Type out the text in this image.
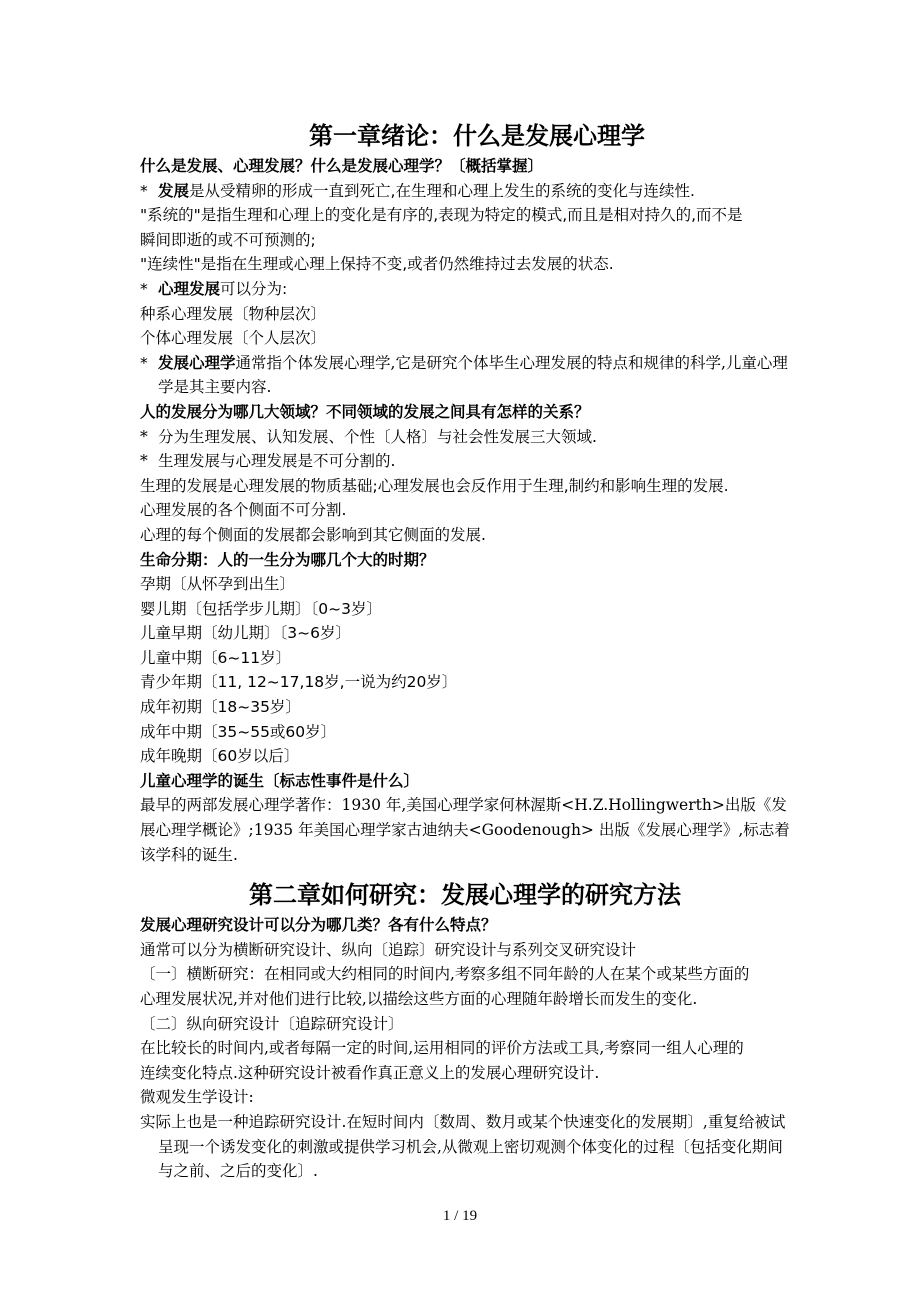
第一章绪论：什么是发展心理学
什么是发展、心理发展？什么是发展心理学？〔概括掌握〕
* 发展是从受精卵的形成一直到死亡,在生理和心理上发生的系统的变化与连续性.
"系统的"是指生理和心理上的变化是有序的,表现为特定的模式,而且是相对持久的,而不是
瞬间即逝的或不可预测的;
"连续性"是指在生理或心理上保持不变,或者仍然维持过去发展的状态.
* 心理发展可以分为:
种系心理发展〔物种层次〕
个体心理发展〔个人层次〕
* 发展心理学通常指个体发展心理学,它是研究个体毕生心理发展的特点和规律的科学,儿童心理学是其主要内容.
人的发展分为哪几大领域？不同领域的发展之间具有怎样的关系？
* 分为生理发展、认知发展、个性〔人格〕与社会性发展三大领域.
* 生理发展与心理发展是不可分割的.
生理的发展是心理发展的物质基础;心理发展也会反作用于生理,制约和影响生理的发展.
心理发展的各个侧面不可分割.
心理的每个侧面的发展都会影响到其它侧面的发展.
生命分期：人的一生分为哪几个大的时期？
孕期〔从怀孕到出生〕
婴儿期〔包括学步儿期〕〔0~3岁〕
儿童早期〔幼儿期〕〔3~6岁〕
儿童中期〔6~11岁〕
青少年期〔11, 12~17,18岁,一说为约20岁〕
成年初期〔18~35岁〕
成年中期〔35~55或60岁〕
成年晚期〔60岁以后〕
儿童心理学的诞生〔标志性事件是什么〕
最早的两部发展心理学著作：1930 年,美国心理学家何林渥斯<H.Z.Hollingwerth>出版《发展心理学概论》;1935 年美国心理学家古迪纳夫<Goodenough> 出版《发展心理学》,标志着该学科的诞生.
第二章如何研究：发展心理学的研究方法
发展心理研究设计可以分为哪几类？各有什么特点？
通常可以分为横断研究设计、纵向〔追踪〕研究设计与系列交叉研究设计
〔一〕横断研究：在相同或大约相同的时间内,考察多组不同年龄的人在某个或某些方面的
心理发展状况,并对他们进行比较,以描绘这些方面的心理随年龄增长而发生的变化.
〔二〕纵向研究设计〔追踪研究设计〕
在比较长的时间内,或者每隔一定的时间,运用相同的评价方法或工具,考察同一组人心理的
连续变化特点.这种研究设计被看作真正意义上的发展心理研究设计.
微观发生学设计:
实际上也是一种追踪研究设计.在短时间内〔数周、数月或某个快速变化的发展期〕,重复给被试呈现一个诱发变化的刺激或提供学习机会,从微观上密切观测个体变化的过程〔包括变化期间与之前、之后的变化〕.
1 / 19
